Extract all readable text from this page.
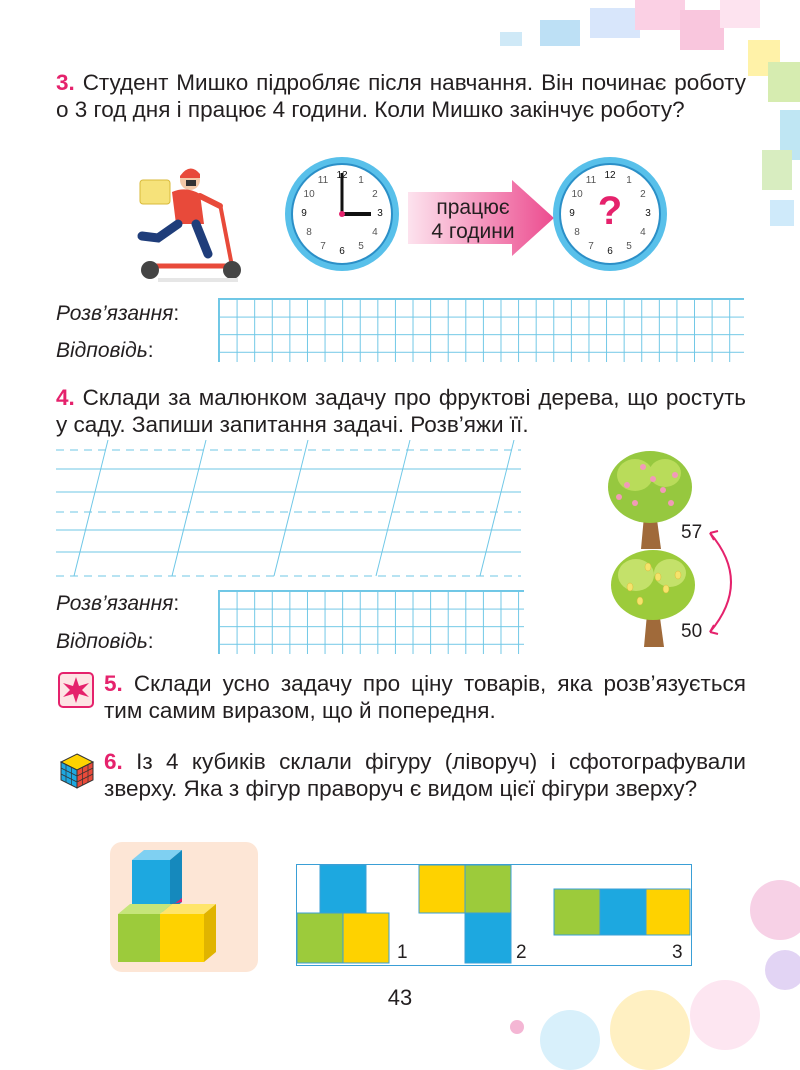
3. Студент Мишко підробляє після навчання. Він починає роботу о 3 год дня і працює 4 години. Коли Мишко закінчує роботу?
12	1
2
3
4
5
6
7
8
9
10
11
працює
4 години
12	1
2
3
4
5
6
7
8
9
10
11
?
Розв’язання:
Відповідь:
4. Склади за малюнком задачу про фруктові дерева, що ростуть у саду. Запиши запитання задачі. Розв’яжи її.
57
50
Розв’язання:
Відповідь:
5. Склади усно задачу про ціну товарів, яка розв’язується тим самим виразом, що й попередня.
6. Із 4 кубиків склали фігуру (ліворуч) і сфотографували зверху. Яка з фігур праворуч є видом цієї фігури зверху?
1	2	3
43
